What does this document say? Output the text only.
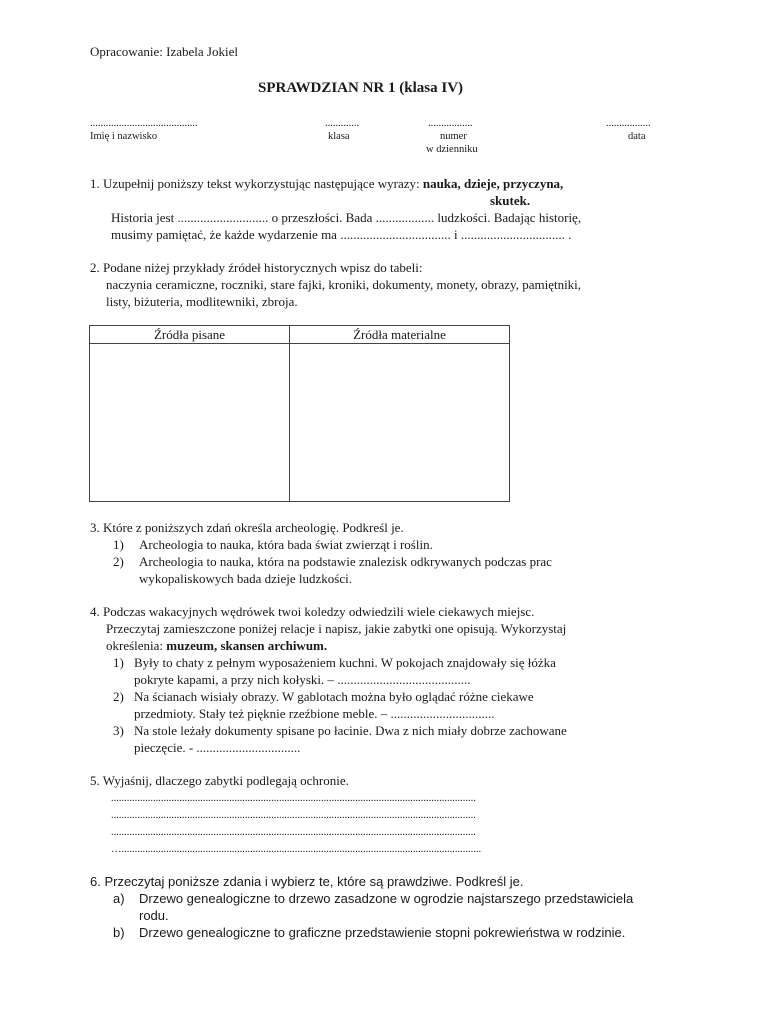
Opracowanie: Izabela Jokiel
SPRAWDZIAN NR 1 (klasa IV)
.........................................
Imię i nazwisko
.............
klasa
.................
numer
w dzienniku
.................
data
1. Uzupełnij poniższy tekst wykorzystując następujące wyrazy: nauka, dzieje, przyczyna,
skutek.
Historia jest ............................ o przeszłości. Bada .................. ludzkości. Badając historię,
musimy pamiętać, że każde wydarzenie ma .................................. i ................................ .
2. Podane niżej przykłady źródeł historycznych wpisz do tabeli:
naczynia ceramiczne, roczniki, stare fajki, kroniki, dokumenty, monety, obrazy, pamiętniki,
listy, biżuteria, modlitewniki, zbroja.
Źródła pisane	Źródła materialne

3. Które z poniższych zdań określa archeologię. Podkreśl je.
1) Archeologia to nauka, która bada świat zwierząt i roślin.
2) Archeologia to nauka, która na podstawie znalezisk odkrywanych podczas prac
wykopaliskowych bada dzieje ludzkości.
4. Podczas wakacyjnych wędrówek twoi koledzy odwiedzili wiele ciekawych miejsc.
Przeczytaj zamieszczone poniżej relacje i napisz, jakie zabytki one opisują. Wykorzystaj
określenia: muzeum, skansen archiwum.
1) Były to chaty z pełnym wyposażeniem kuchni. W pokojach znajdowały się łóżka
pokryte kapami, a przy nich kołyski. – .........................................
2) Na ścianach wisiały obrazy. W gablotach można było oglądać różne ciekawe
przedmioty. Stały też pięknie rzeźbione meble. – ................................
3) Na stole leżały dokumenty spisane po łacinie. Dwa z nich miały dobrze zachowane
pieczęcie. - ................................
5. Wyjaśnij, dlaczego zabytki podlegają ochronie.
...........................................................................................................................................
...........................................................................................................................................
...........................................................................................................................................
….........................................................................................................................................
6. Przeczytaj poniższe zdania i wybierz te, które są prawdziwe. Podkreśl je.
a) Drzewo genealogiczne to drzewo zasadzone w ogrodzie najstarszego przedstawiciela
rodu.
b) Drzewo genealogiczne to graficzne przedstawienie stopni pokrewieństwa w rodzinie.
